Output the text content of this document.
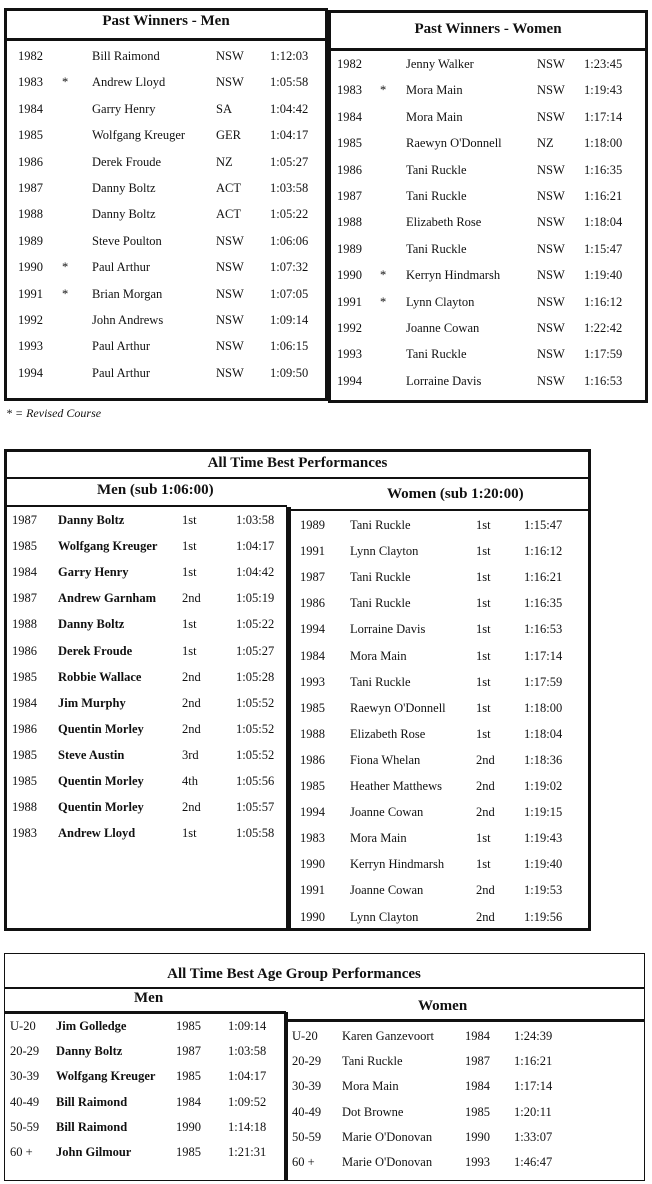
Past Winners - Men	Past Winners - Women
1982	Bill Raimond	NSW 1:12:03
1983 * Andrew Lloyd	NSW 1:05:58
1984	Garry Henry	SA	1:04:42
1985	Wolfgang Kreuger GER 1:04:17
1986	Derek Froude	NZ	1:05:27
1987	Danny Boltz	ACT 1:03:58
1988	Danny Boltz	ACT 1:05:22
1989	Steve Poulton	NSW 1:06:06
1990 * Paul Arthur	NSW 1:07:32
1991 * Brian Morgan	NSW 1:07:05
1992	John Andrews	NSW 1:09:14
1993	Paul Arthur	NSW 1:06:15
1994	Paul Arthur	NSW 1:09:50
1982	Jenny Walker	NSW 1:23:45
1983 * Mora Main	NSW 1:19:43
1984	Mora Main	NSW 1:17:14
1985	Raewyn O'Donnell	NZ 1:18:00
1986	Tani Ruckle	NSW 1:16:35
1987	Tani Ruckle	NSW 1:16:21
1988	Elizabeth Rose	NSW 1:18:04
1989	Tani Ruckle	NSW 1:15:47
1990 * Kerryn Hindmarsh	NSW 1:19:40
1991 * Lynn Clayton	NSW 1:16:12
1992	Joanne Cowan	NSW 1:22:42
1993	Tani Ruckle	NSW 1:17:59
1994	Lorraine Davis	NSW 1:16:53
* = Revised Course
All Time Best Performances
Men (sub 1:06:00)	Women (sub 1:20:00)
1987 Danny Boltz	1st	1:03:58
1985 Wolfgang Kreuger 1st	1:04:17
1984 Garry Henry	1st	1:04:42
1987 Andrew Garnham 2nd	1:05:19
1988 Danny Boltz	1st	1:05:22
1986 Derek Froude	1st	1:05:27
1985 Robbie Wallace	2nd	1:05:28
1984 Jim Murphy	2nd	1:05:52
1986 Quentin Morley	2nd	1:05:52
1985 Steve Austin	3rd	1:05:52
1985 Quentin Morley	4th	1:05:56
1988 Quentin Morley	2nd	1:05:57
1983 Andrew Lloyd	1st	1:05:58
1989 Tani Ruckle	1st	1:15:47
1991 Lynn Clayton	1st	1:16:12
1987 Tani Ruckle	1st	1:16:21
1986 Tani Ruckle	1st	1:16:35
1994 Lorraine Davis	1st	1:16:53
1984 Mora Main	1st	1:17:14
1993 Tani Ruckle	1st	1:17:59
1985 Raewyn O'Donnell 1st	1:18:00
1988 Elizabeth Rose	1st	1:18:04
1986 Fiona Whelan	2nd 1:18:36
1985 Heather Matthews	2nd 1:19:02
1994 Joanne Cowan	2nd 1:19:15
1983 Mora Main	1st	1:19:43
1990 Kerryn Hindmarsh	1st	1:19:40
1991 Joanne Cowan	2nd 1:19:53
1990 Lynn Clayton	2nd 1:19:56
All Time Best Age Group Performances
Men	Women
U-20 Jim Golledge	1985 1:09:14
20-29 Danny Boltz	1987 1:03:58
30-39 Wolfgang Kreuger 1985 1:04:17
40-49 Bill Raimond	1984 1:09:52
50-59 Bill Raimond	1990 1:14:18
60 + John Gilmour	1985 1:21:31
U-20 Karen Ganzevoort 1984 1:24:39
20-29 Tani Ruckle	1987 1:16:21
30-39 Mora Main	1984 1:17:14
40-49 Dot Browne	1985 1:20:11
50-59 Marie O'Donovan	1990 1:33:07
60 + Marie O'Donovan	1993 1:46:47
